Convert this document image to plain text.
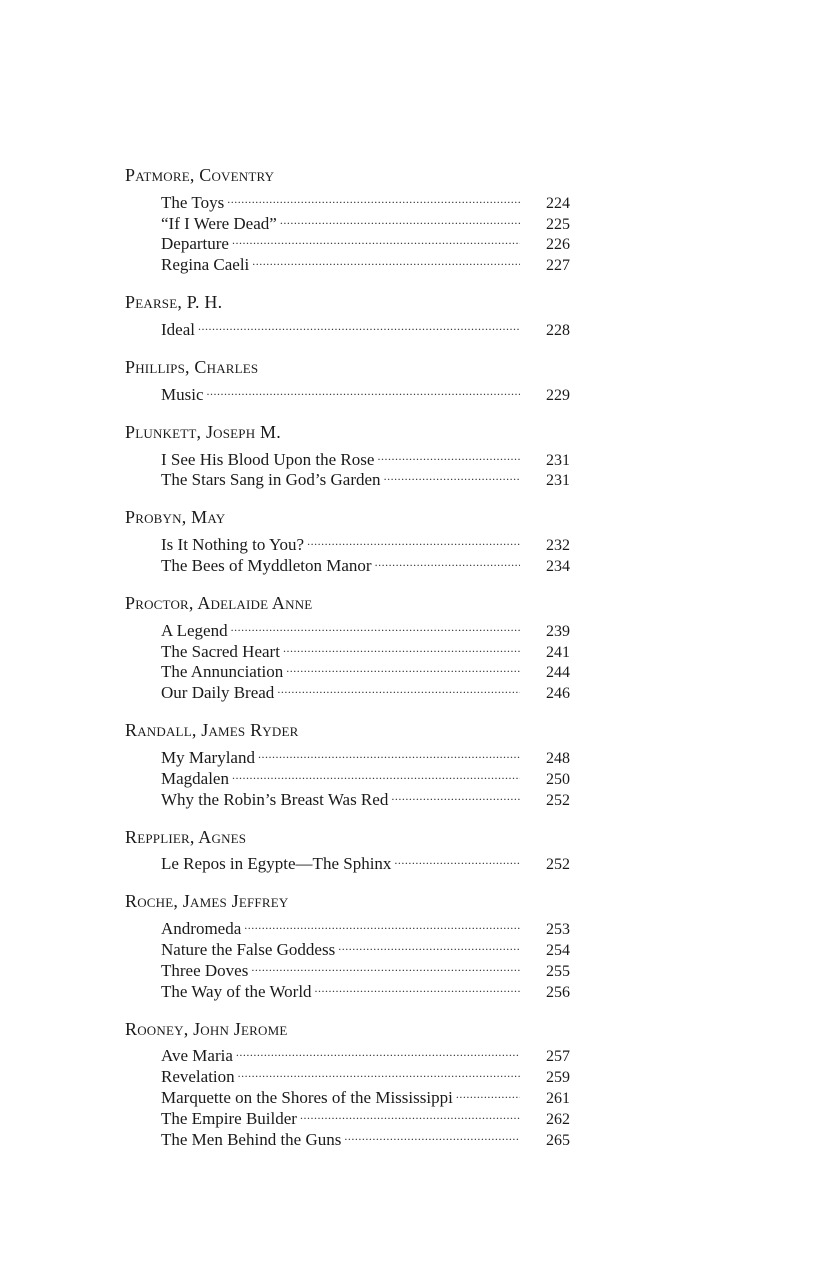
Patmore, Coventry
The Toys .....	224
“If I Were Dead” .....	225
Departure .....	226
Regina Caeli .....	227
Pearse, P. H.
Ideal .....	228
Phillips, Charles
Music .....	229
Plunkett, Joseph M.
I See His Blood Upon the Rose .....	231
The Stars Sang in God’s Garden .....	231
Probyn, May
Is It Nothing to You? .....	232
The Bees of Myddleton Manor .....	234
Proctor, Adelaide Anne
A Legend .....	239
The Sacred Heart .....	241
The Annunciation .....	244
Our Daily Bread .....	246
Randall, James Ryder
My Maryland .....	248
Magdalen .....	250
Why the Robin’s Breast Was Red .....	252
Repplier, Agnes
Le Repos in Egypte—The Sphinx .....	252
Roche, James Jeffrey
Andromeda .....	253
Nature the False Goddess .....	254
Three Doves .....	255
The Way of the World .....	256
Rooney, John Jerome
Ave Maria .....	257
Revelation .....	259
Marquette on the Shores of the Mississippi .....	261
The Empire Builder .....	262
The Men Behind the Guns .....	265
